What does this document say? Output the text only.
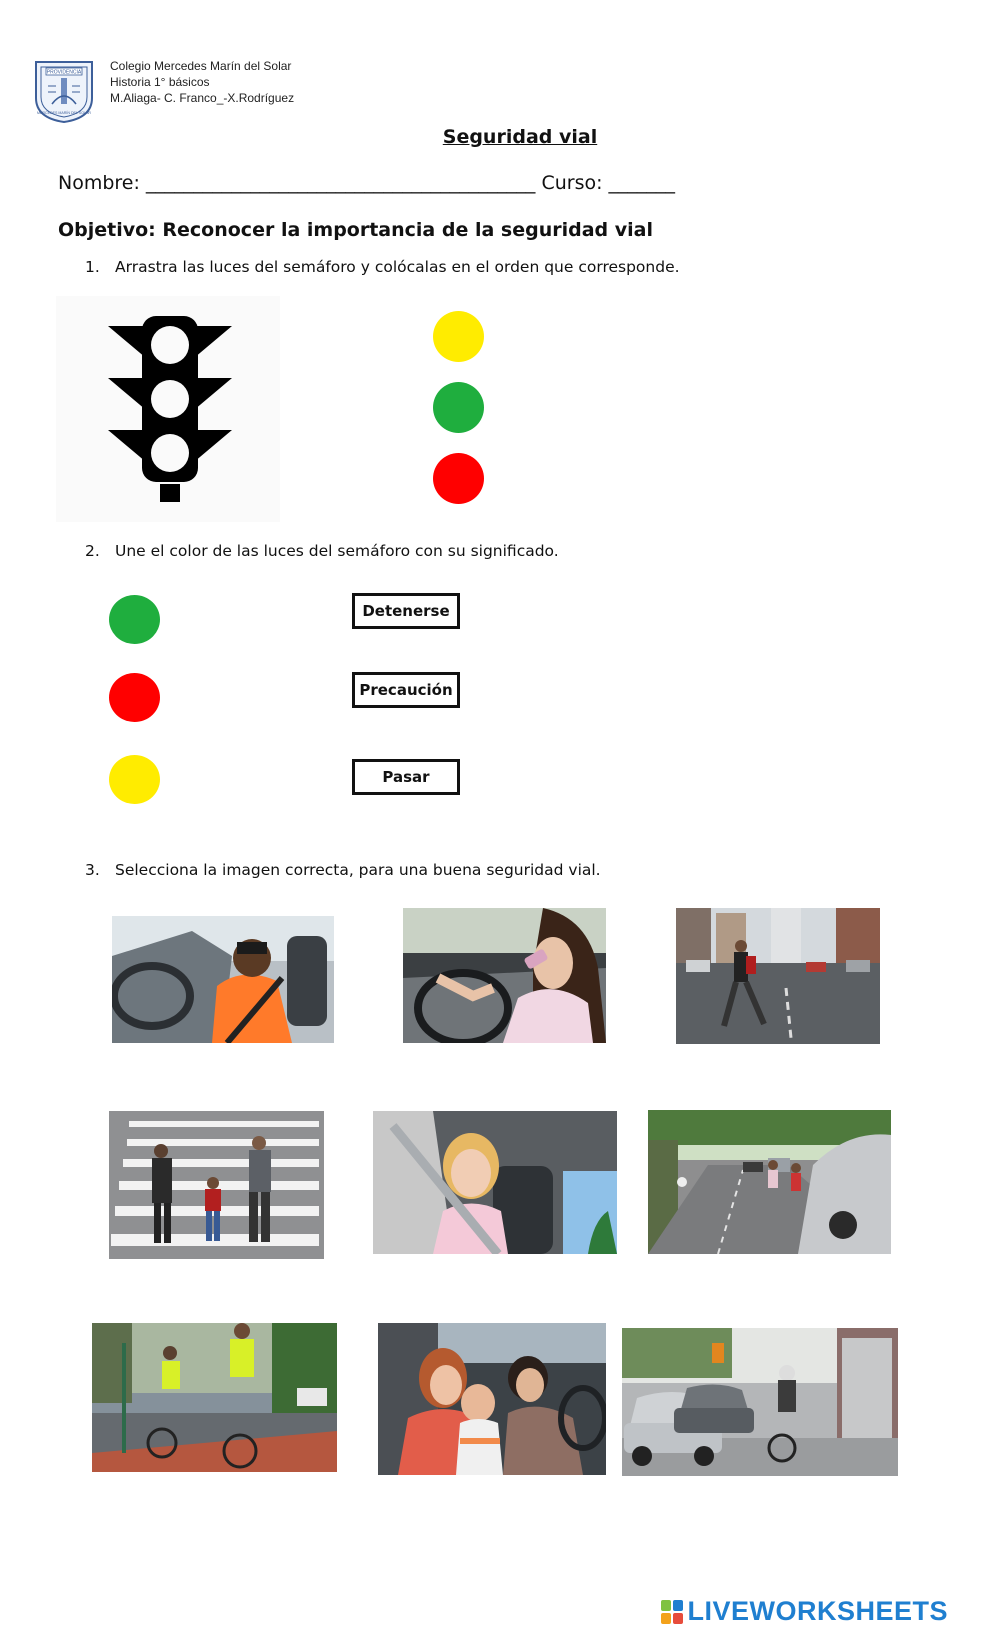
PROVIDENCIA
MERCEDES MARÍN DEL SOLAR
Colegio Mercedes Marín del Solar
Historia 1° básicos
M.Aliaga- C. Franco_-X.Rodríguez
Seguridad vial
Nombre: _________________________________________ Curso: _______
Objetivo: Reconocer la importancia de la seguridad vial
1. Arrastra las luces del semáforo y colócalas en el orden que corresponde.
2. Une el color de las luces del semáforo con su significado.
Detenerse
Precaución
Pasar
3. Selecciona la imagen correcta, para una buena seguridad vial.
LIVEWORKSHEETS
